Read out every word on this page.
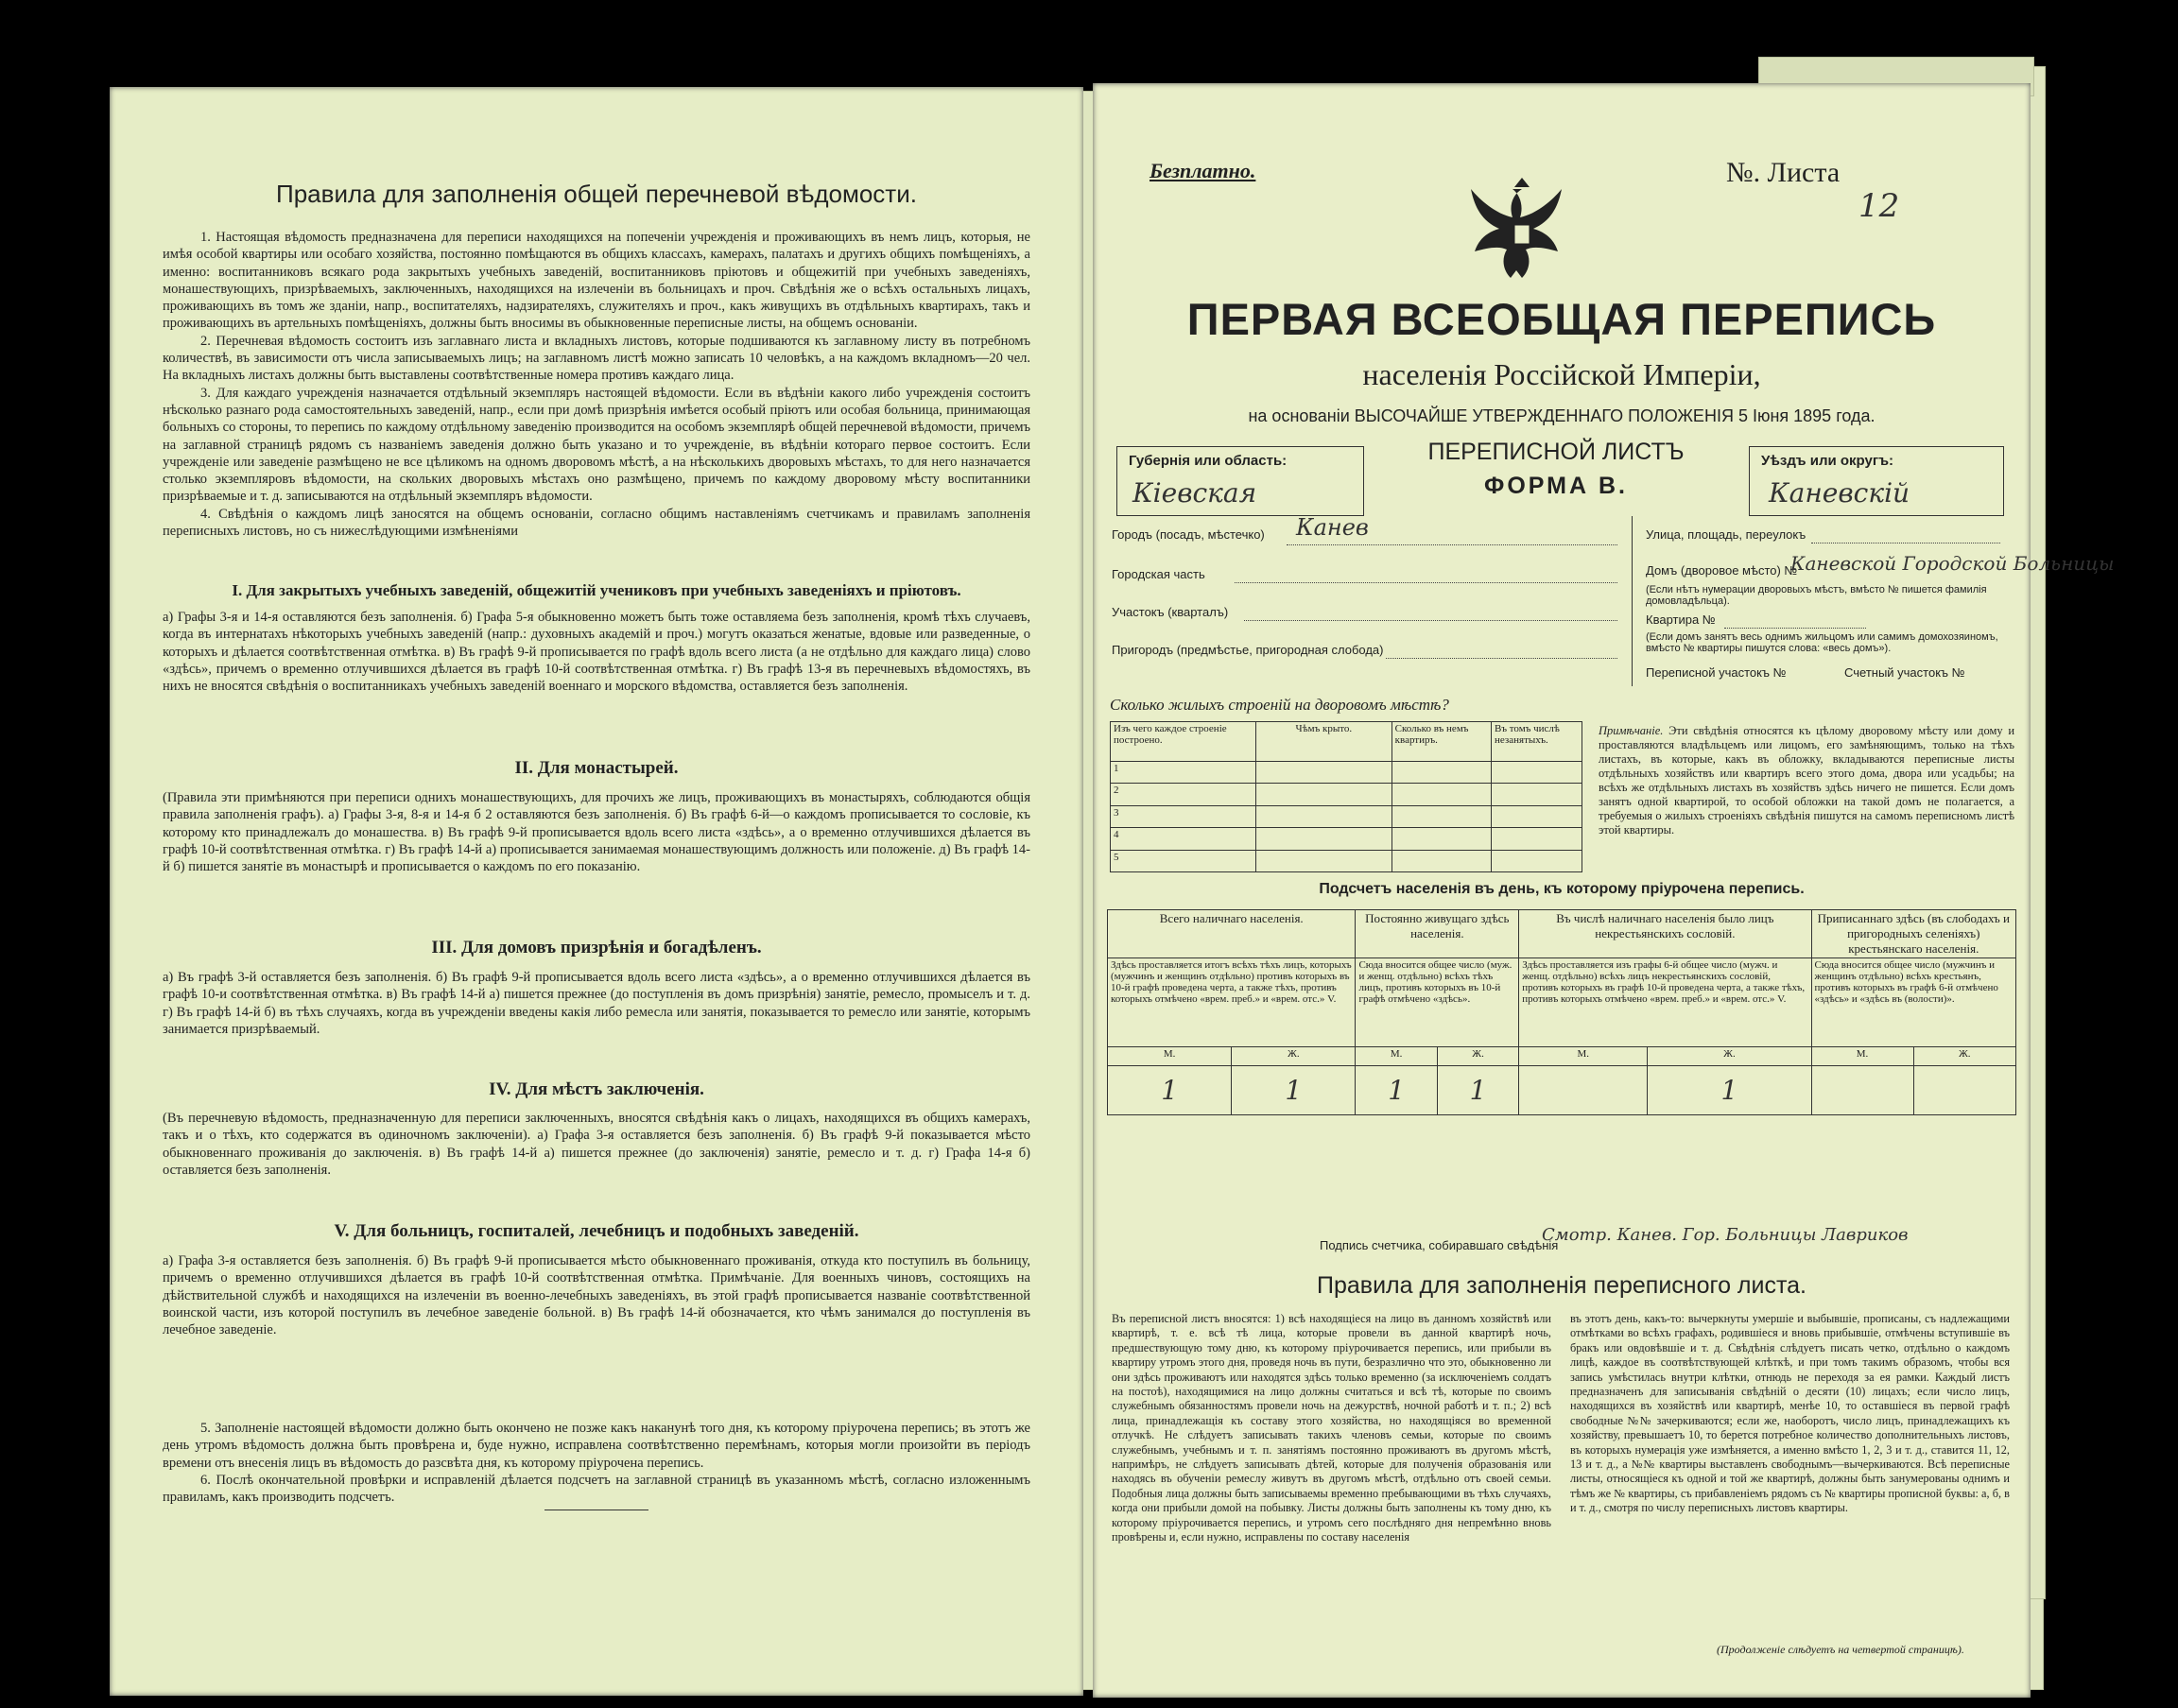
Правила для заполненія общей перечневой вѣдомости.

1. Настоящая вѣдомость предназначена для переписи находящихся на попеченіи учрежденія и проживающихъ въ немъ лицъ, которыя, не имѣя особой квартиры или особаго хозяйства, постоянно помѣщаются въ общихъ классахъ, камерахъ, палатахъ и другихъ общихъ помѣщеніяхъ, а именно: воспитанниковъ всякаго рода закрытыхъ учебныхъ заведеній, воспитанниковъ пріютовъ и общежитій при учебныхъ заведеніяхъ, монашествующихъ, призрѣваемыхъ, заключенныхъ, находящихся на излеченіи въ больницахъ и проч. Свѣдѣнія же о всѣхъ остальныхъ лицахъ, проживающихъ въ томъ же зданіи, напр., воспитателяхъ, надзирателяхъ, служителяхъ и проч., какъ живущихъ въ отдѣльныхъ квартирахъ, такъ и проживающихъ въ артельныхъ помѣщеніяхъ, должны быть вносимы въ обыкновенные переписные листы, на общемъ основаніи.

2. Перечневая вѣдомость состоитъ изъ заглавнаго листа и вкладныхъ листовъ, которые подшиваются къ заглавному листу въ потребномъ количествѣ, въ зависимости отъ числа записываемыхъ лицъ; на заглавномъ листѣ можно записать 10 человѣкъ, а на каждомъ вкладномъ—20 чел. На вкладныхъ листахъ должны быть выставлены соотвѣтственные номера противъ каждаго лица.

3. Для каждаго учрежденія назначается отдѣльный экземпляръ настоящей вѣдомости. Если въ вѣдѣніи какого либо учрежденія состоитъ нѣсколько разнаго рода самостоятельныхъ заведеній, напр., если при домѣ призрѣнія имѣется особый пріютъ или особая больница, принимающая больныхъ со стороны, то перепись по каждому отдѣльному заведенію производится на особомъ экземплярѣ общей перечневой вѣдомости, причемъ на заглавной страницѣ рядомъ съ названіемъ заведенія должно быть указано и то учрежденіе, въ вѣдѣніи котораго первое состоитъ. Если учрежденіе или заведеніе размѣщено не все цѣликомъ на одномъ дворовомъ мѣстѣ, а на нѣсколькихъ дворовыхъ мѣстахъ, то для него назначается столько экземпляровъ вѣдомости, на скольких дворовыхъ мѣстахъ оно размѣщено, причемъ по каждому дворовому мѣсту воспитанники призрѣваемые и т. д. записываются на отдѣльный экземпляръ вѣдомости.

4. Свѣдѣнія о каждомъ лицѣ заносятся на общемъ основаніи, согласно общимъ наставленіямъ счетчикамъ и правиламъ заполненія переписныхъ листовъ, но съ нижеслѣдующими измѣненіями

I. Для закрытыхъ учебныхъ заведеній, общежитій учениковъ при учебныхъ заведеніяхъ и пріютовъ.

а) Графы 3-я и 14-я оставляются безъ заполненія. б) Графа 5-я обыкновенно можетъ быть тоже оставляема безъ заполненія, кромѣ тѣхъ случаевъ, когда въ интернатахъ нѣкоторыхъ учебныхъ заведеній (напр.: духовныхъ академій и проч.) могутъ оказаться женатые, вдовые или разведенные, о которыхъ и дѣлается соотвѣтственная отмѣтка. в) Въ графѣ 9-й прописывается по графѣ вдоль всего листа (а не отдѣльно для каждаго лица) слово «здѣсь», причемъ о временно отлучившихся дѣлается въ графѣ 10-й соотвѣтственная отмѣтка. г) Въ графѣ 13-я въ перечневыхъ вѣдомостяхъ, въ нихъ не вносятся свѣдѣнія о воспитанникахъ учебныхъ заведеній военнаго и морского вѣдомства, оставляется безъ заполненія.

II. Для монастырей.

(Правила эти примѣняются при переписи однихъ монашествующихъ, для прочихъ же лицъ, проживающихъ въ монастыряхъ, соблюдаются общія правила заполненія графъ). а) Графы 3-я, 8-я и 14-я б 2 оставляются безъ заполненія. б) Въ графѣ 6-й—о каждомъ прописывается то сословіе, къ которому кто принадлежалъ до монашества. в) Въ графѣ 9-й прописывается вдоль всего листа «здѣсь», а о временно отлучившихся дѣлается въ графѣ 10-й соотвѣтственная отмѣтка. г) Въ графѣ 14-й а) прописывается занимаемая монашествующимъ должность или положеніе. д) Въ графѣ 14-й б) пишется занятіе въ монастырѣ и прописывается о каждомъ по его показанію.

III. Для домовъ призрѣнія и богадѣленъ.

а) Въ графѣ 3-й оставляется безъ заполненія. б) Въ графѣ 9-й прописывается вдоль всего листа «здѣсь», а о временно отлучившихся дѣлается въ графѣ 10-и соотвѣтственная отмѣтка. в) Въ графѣ 14-й а) пишется прежнее (до поступленія въ домъ призрѣнія) занятіе, ремесло, промыселъ и т. д. г) Въ графѣ 14-й б) въ тѣхъ случаяхъ, когда въ учрежденіи введены какія либо ремесла или занятія, показывается то ремесло или занятіе, которымъ занимается призрѣваемый.

IV. Для мѣстъ заключенія.

(Въ перечневую вѣдомость, предназначенную для переписи заключенныхъ, вносятся свѣдѣнія какъ о лицахъ, находящихся въ общихъ камерахъ, такъ и о тѣхъ, кто содержатся въ одиночномъ заключеніи). а) Графа 3-я оставляется безъ заполненія. б) Въ графѣ 9-й показывается мѣсто обыкновеннаго проживанія до заключенія. в) Въ графѣ 14-й а) пишется прежнее (до заключенія) занятіе, ремесло и т. д. г) Графа 14-я б) оставляется безъ заполненія.

V. Для больницъ, госпиталей, лечебницъ и подобныхъ заведеній.

а) Графа 3-я оставляется безъ заполненія. б) Въ графѣ 9-й прописывается мѣсто обыкновеннаго проживанія, откуда кто поступилъ въ больницу, причемъ о временно отлучившихся дѣлается въ графѣ 10-й соотвѣтственная отмѣтка. Примѣчаніе. Для военныхъ чиновъ, состоящихъ на дѣйствительной службѣ и находящихся на излеченіи въ военно-лечебныхъ заведеніяхъ, въ этой графѣ прописывается названіе соотвѣтственной воинской части, изъ которой поступилъ въ лечебное заведеніе больной. в) Въ графѣ 14-й обозначается, кто чѣмъ занимался до поступленія въ лечебное заведеніе.

5. Заполненіе настоящей вѣдомости должно быть окончено не позже какъ наканунѣ того дня, къ которому пріурочена перепись; въ этотъ же день утромъ вѣдомость должна быть провѣрена и, буде нужно, исправлена соотвѣтственно перемѣнамъ, которыя могли произойти въ періодъ времени отъ внесенія лицъ въ вѣдомость до разсвѣта дня, къ которому пріурочена перепись.

6. Послѣ окончательной провѣрки и исправленій дѣлается подсчетъ на заглавной страницѣ въ указанномъ мѣстѣ, согласно изложеннымъ правиламъ, какъ производить подсчетъ.

Безплатно.	№. Листа
12
ПЕРВАЯ ВСЕОБЩАЯ ПЕРЕПИСЬ
населенія Россійской Имперіи,
на основаніи ВЫСОЧАЙШЕ УТВЕРЖДЕННАГО ПОЛОЖЕНІЯ 5 Іюня 1895 года.
Губернія или область:
Кіевская
ПЕРЕПИСНОЙ ЛИСТЪ
ФОРМА В.
Уѣздъ или округъ:
Каневскій
Городъ (посадъ, мѣстечко) Канев
Городская часть
Участокъ (кварталъ)
Пригородъ (предмѣстье, пригородная слобода)
Улица, площадь, переулокъ
Домъ (дворовое мѣсто) №
Каневской Городской Больницы
(Если нѣтъ нумерации дворовыхъ мѣстъ, вмѣсто № пишется фамилія домовладѣльца).
Квартира №
(Если домъ занятъ весь однимъ жильцомъ или самимъ домохозяиномъ, вмѣсто № квартиры пишутся слова: «весь домъ»).
Переписной участокъ №	Счетный участокъ №
Сколько жилыхъ строеній на дворовомъ мѣстѣ?
Изъ чего каждое строеніе построено.	Чѣмъ крыто.	Сколько въ немъ квартиръ.	Въ томъ числѣ незанятыхъ.
1			
2			
3			
4			
5			
Примѣчаніе. Эти свѣдѣнія относятся къ цѣлому дворовому мѣсту или дому и проставляются владѣльцемъ или лицомъ, его замѣняющимъ, только на тѣхъ листахъ, въ которые, какъ въ обложку, вкладываются переписные листы отдѣльныхъ хозяйствъ или квартиръ всего этого дома, двора или усадьбы; на всѣхъ же отдѣльныхъ листахъ въ хозяйствъ здѣсь ничего не пишется. Если домъ занятъ одной квартирой, то особой обложки на такой домъ не полагается, а требуемыя о жилыхъ строеніяхъ свѣдѣнія пишутся на самомъ переписномъ листѣ этой квартиры.
Подсчетъ населенія въ день, къ которому пріурочена перепись.
Всего наличнаго населенія.		Постоянно живущаго здѣсь населенія.		Въ числѣ наличнаго населенія было лицъ некрестьянскихъ сословій.		Приписаннаго здѣсь (въ слободахъ и пригородныхъ селеніяхъ) крестьянскаго населенія.	
Здѣсь проставляется итогъ всѣхъ тѣхъ лицъ, которыхъ (мужчинъ и женщинъ отдѣльно) противъ которыхъ въ 10-й графѣ проведена черта, а также тѣхъ, противъ которыхъ отмѣчено «врем. преб.» и «врем. отс.» V.		Сюда вносится общее число (муж. и женщ. отдѣльно) всѣхъ тѣхъ лицъ, противъ которыхъ въ 10-й графѣ отмѣчено «здѣсь».		Здѣсь проставляется изъ графы 6-й общее число (мужч. и женщ. отдѣльно) всѣхъ лицъ некрестьянскихъ сословій, противъ которыхъ въ графѣ 10-й проведена черта, а также тѣхъ, противъ которыхъ отмѣчено «врем. преб.» и «врем. отс.» V.		Сюда вносится общее число (мужчинъ и женщинъ отдѣльно) всѣхъ крестьянъ, противъ которыхъ въ графѣ 6-й отмѣчено «здѣсь» и «здѣсь въ (волости)».	
М.	Ж.	М.	Ж.	М.	Ж.	М.	Ж.
1	1	1	1		1		
Подпись счетчика, собиравшаго свѣдѣнія
Смотр. Канев. Гор. Больницы Лавриков
Правила для заполненія переписного листа.

Въ переписной листъ вносятся: 1) всѣ находящіеся на лицо въ данномъ хозяйствѣ или квартирѣ, т. е. всѣ тѣ лица, которые провели въ данной квартирѣ ночь, предшествующую тому дню, къ которому пріурочивается перепись, или прибыли въ квартиру утромъ этого дня, проведя ночь въ пути, безразлично что это, обыкновенно ли они здѣсь проживаютъ или находятся здѣсь только временно (за исключеніемъ солдатъ на постоѣ), находящимися на лицо должны считаться и всѣ тѣ, которые по своимъ служебнымъ обязанностямъ провели ночь на дежурствѣ, ночной работѣ и т. п.; 2) всѣ лица, принадлежащія къ составу этого хозяйства, но находящіяся во временной отлучкѣ. Не слѣдуетъ записывать такихъ членовъ семьи, которые по своимъ служебнымъ, учебнымъ и т. п. занятіямъ постоянно проживаютъ въ другомъ мѣстѣ, напримѣръ, не слѣдуетъ записывать дѣтей, которые для полученія образованія или находясь въ обученіи ремеслу живутъ въ другомъ мѣстѣ, отдѣльно отъ своей семьи. Подобныя лица должны быть записываемы временно пребывающими въ тѣхъ случаяхъ, когда они прибыли домой на побывку. Листы должны быть заполнены къ тому дню, къ которому пріурочивается перепись, и утромъ сего послѣдняго дня непремѣнно вновь провѣрены и, если нужно, исправлены по составу населенія

въ этотъ день, какъ-то: вычеркнуты умершіе и выбывшіе, прописаны, съ надлежащими отмѣтками во всѣхъ графахъ, родившіеся и вновь прибывшіе, отмѣчены вступившіе въ бракъ или овдовѣвшіе и т. д. Свѣдѣнія слѣдуетъ писать четко, отдѣльно о каждомъ лицѣ, каждое въ соотвѣтствующей клѣткѣ, и при томъ такимъ образомъ, чтобы вся запись умѣстилась внутри клѣтки, отнюдь не переходя за ея рамки. Каждый листъ предназначенъ для записыванія свѣдѣній о десяти (10) лицахъ; если число лицъ, находящихся въ хозяйствѣ или квартирѣ, менѣе 10, то оставшіеся въ первой графѣ свободные №№ зачеркиваются; если же, наоборотъ, число лицъ, принадлежащихъ къ хозяйству, превышаетъ 10, то берется потребное количество дополнительныхъ листовъ, въ которыхъ нумерація уже измѣняется, а именно вмѣсто 1, 2, 3 и т. д., ставится 11, 12, 13 и т. д., а №№ квартиры выставленъ свободнымъ—вычеркиваются. Всѣ переписные листы, относящіеся къ одной и той же квартирѣ, должны быть занумерованы однимъ и тѣмъ же № квартиры, съ прибавленіемъ рядомъ съ № квартиры прописной буквы: а, б, в и т. д., смотря по числу переписныхъ листовъ квартиры.

(Продолженіе слѣдуетъ на четвертой страницѣ).
